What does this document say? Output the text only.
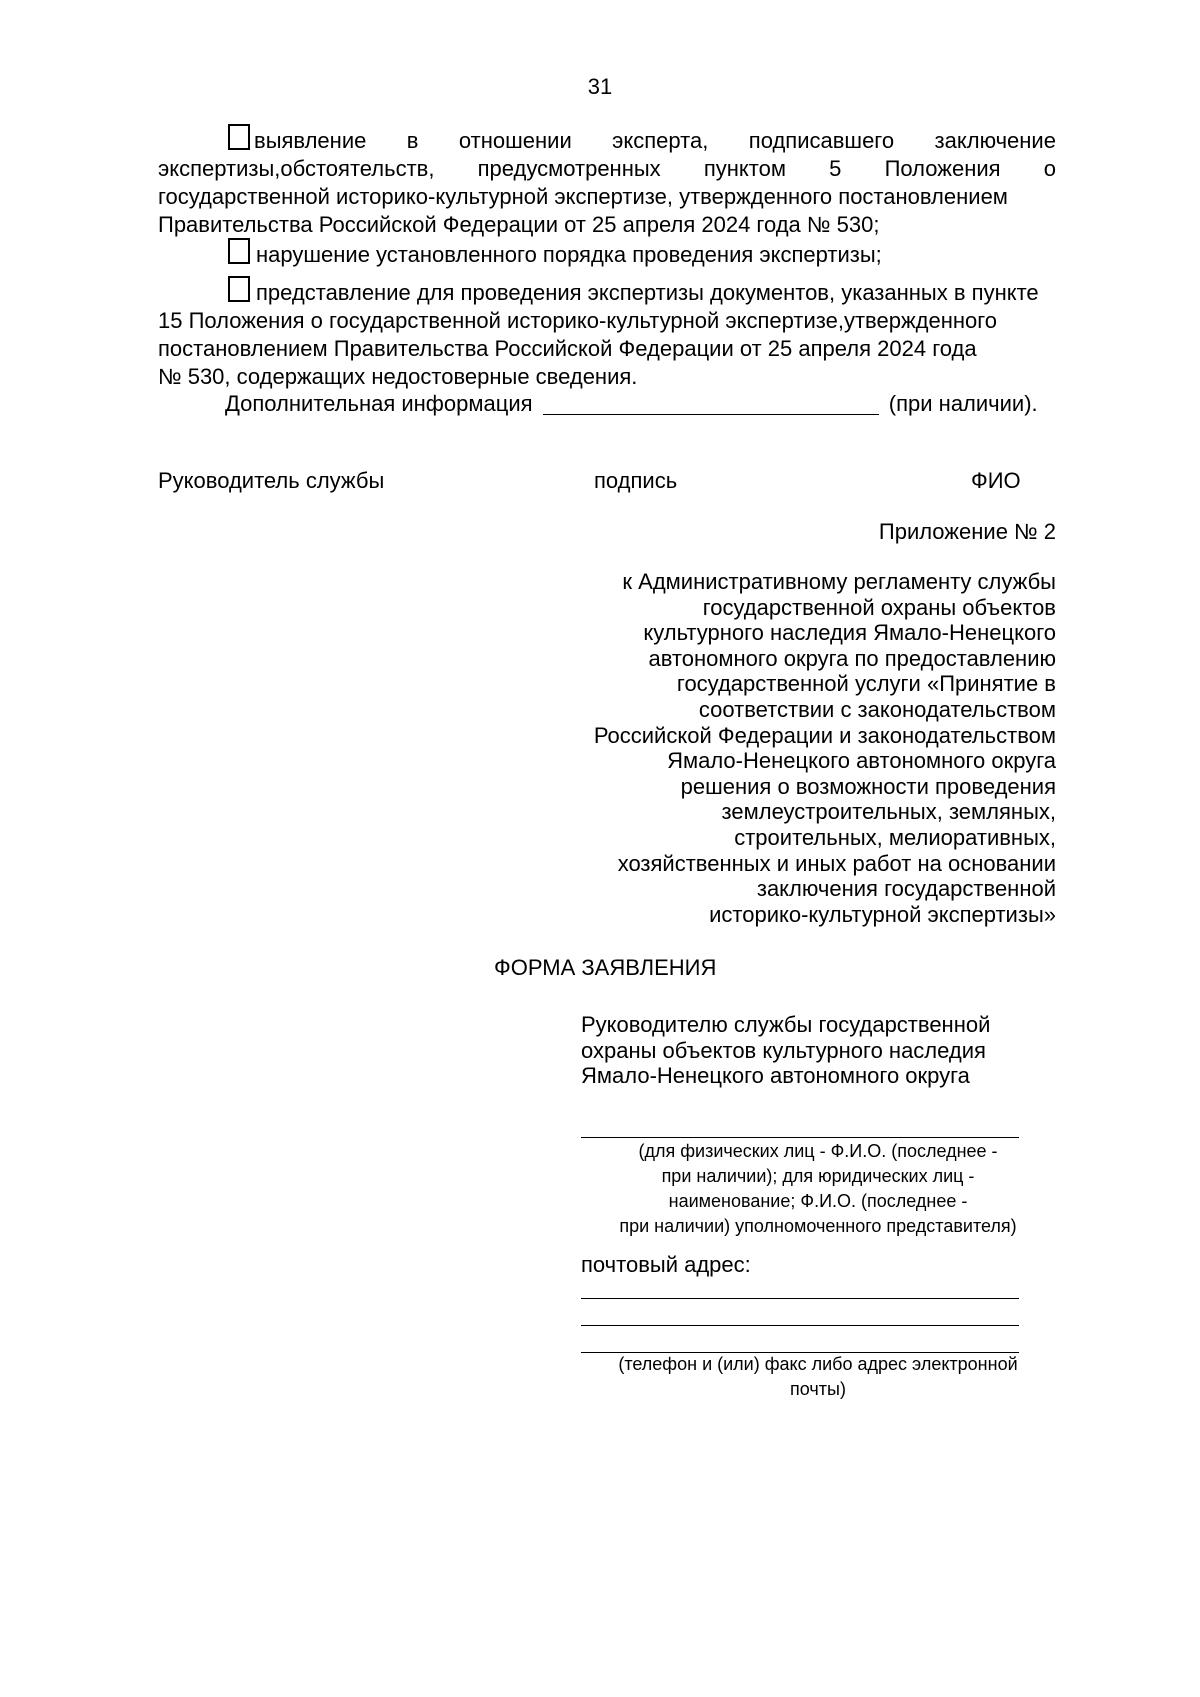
31
выявление в отношении эксперта, подписавшего заключение
экспертизы,обстоятельств, предусмотренных пунктом 5 Положения о
государственной историко-культурной экспертизе, утвержденного постановлением
Правительства Российской Федерации от 25 апреля 2024 года № 530;
нарушение установленного порядка проведения экспертизы;
представление для проведения экспертизы документов, указанных в пункте
15 Положения о государственной историко-культурной экспертизе,утвержденного
постановлением Правительства Российской Федерации от 25 апреля 2024 года
№ 530, содержащих недостоверные сведения.
Дополнительная информация	(при наличии).
Руководитель службы	подпись	ФИО
Приложение № 2
к Административному регламенту службы
государственной охраны объектов
культурного наследия Ямало-Ненецкого
автономного округа по предоставлению
государственной услуги «Принятие в
соответствии с законодательством
Российской Федерации и законодательством
Ямало-Ненецкого автономного округа
решения о возможности проведения
землеустроительных, земляных,
строительных, мелиоративных,
хозяйственных и иных работ на основании
заключения государственной
историко-культурной экспертизы»
ФОРМА ЗАЯВЛЕНИЯ
Руководителю службы государственной
охраны объектов культурного наследия
Ямало-Ненецкого автономного округа
(для физических лиц - Ф.И.О. (последнее -
при наличии); для юридических лиц -
наименование; Ф.И.О. (последнее -
при наличии) уполномоченного представителя)
почтовый адрес:
(телефон и (или) факс либо адрес электронной
почты)
